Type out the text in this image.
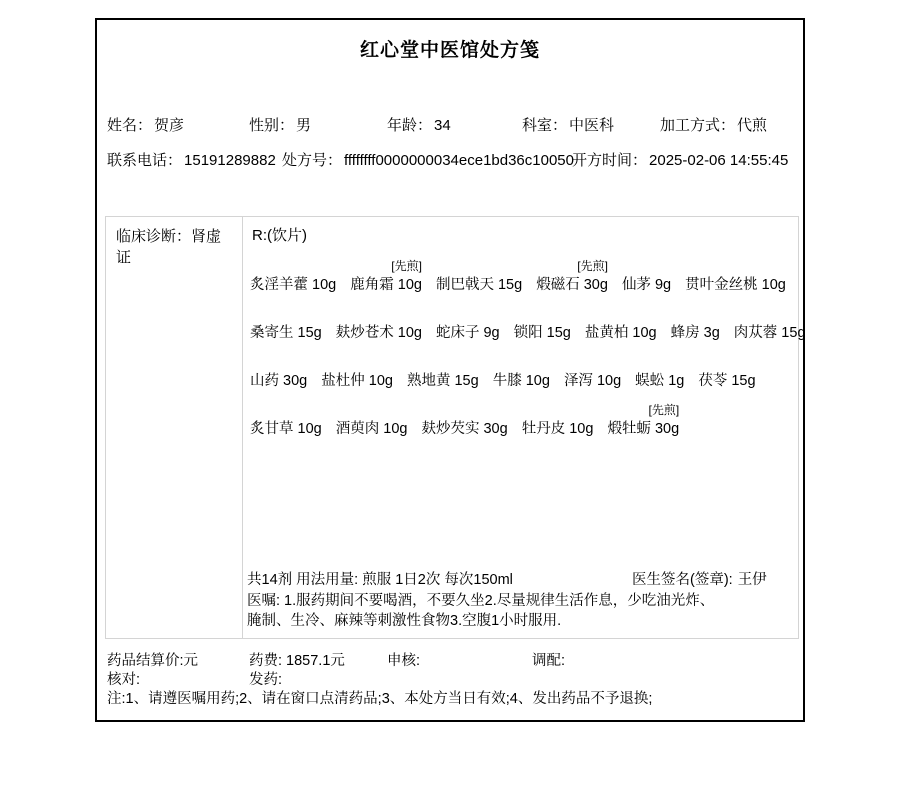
红心堂中医馆处方笺
姓名： 贺彦	性别： 男	年龄： 34	科室： 中医科	加工方式： 代煎
联系电话： 15191289882 处方号： ffffffff0000000034ece1bd36c10050
开方时间： 2025-02-06 14:55:45
临床诊断：肾虚证
R:(饮片)

炙淫羊藿 10g
[先煎]
鹿角霜 10g
制巴戟天 15g
[先煎]
煅磁石 30g
仙茅 9g
贯叶金丝桃 10g

桑寄生 15g
麸炒苍术 10g
蛇床子 9g
锁阳 15g
盐黄柏 10g
蜂房 3g
肉苁蓉 15g

山药 30g
盐杜仲 10g
熟地黄 15g
牛膝 10g
泽泻 10g
蜈蚣 1g
茯苓 15g

炙甘草 10g
酒萸肉 10g
麸炒芡实 30g
牡丹皮 10g
[先煎]
煅牡蛎 30g
共14剂 用法用量: 煎服 1日2次 每次150ml	医生签名(签章): 王伊
医嘱: 1.服药期间不要喝酒，不要久坐2.尽量规律生活作息，少吃油光炸、腌制、生冷、麻辣等刺激性食物3.空腹1小时服用.
药品结算价:元	药费: 1857.1元	申核:	调配:
核对:	发药:
注:1、请遵医嘱用药;2、请在窗口点清药品;3、本处方当日有效;4、发出药品不予退换;
